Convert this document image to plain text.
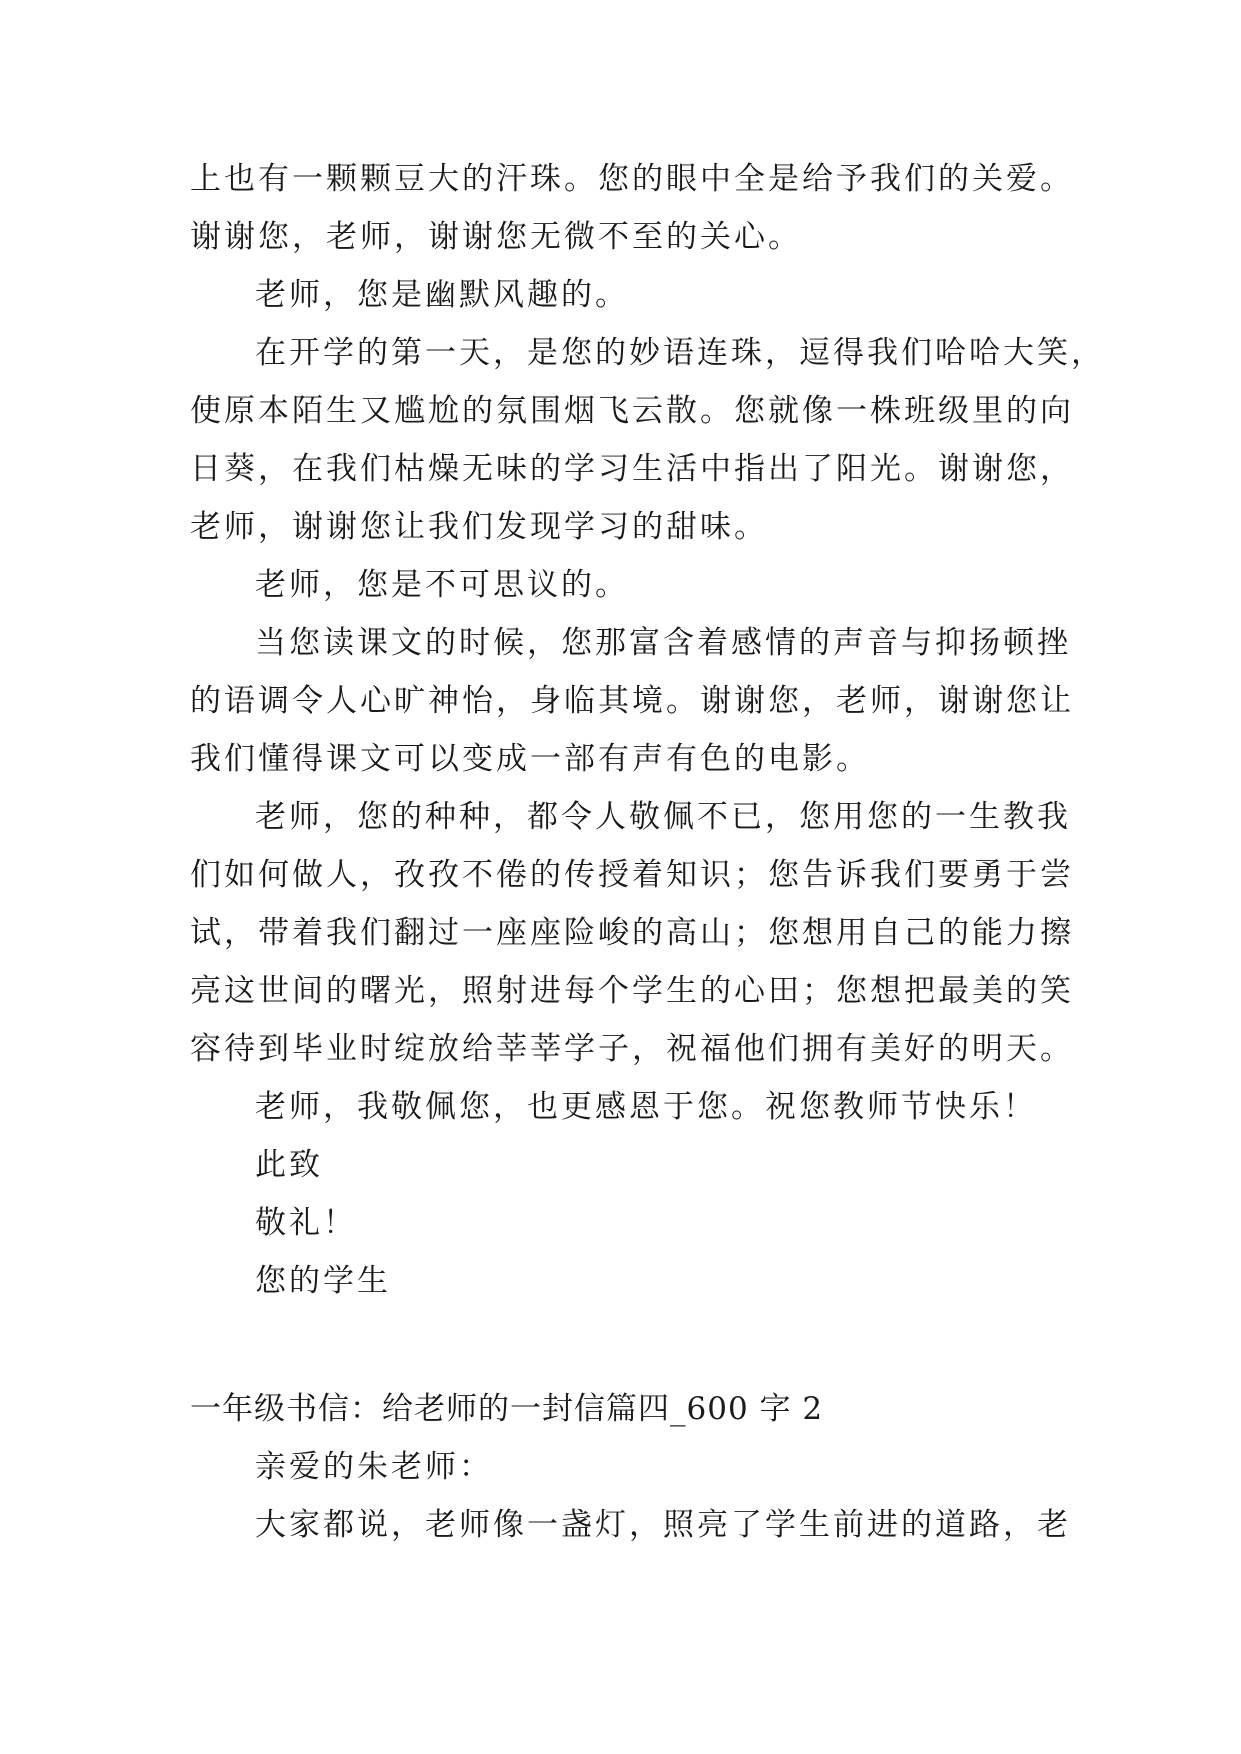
上也有一颗颗豆大的汗珠。您的眼中全是给予我们的关爱。
谢谢您，老师，谢谢您无微不至的关心。
老师，您是幽默风趣的。
在开学的第一天，是您的妙语连珠，逗得我们哈哈大笑，
使原本陌生又尴尬的氛围烟飞云散。您就像一株班级里的向
日葵，在我们枯燥无味的学习生活中指出了阳光。谢谢您，
老师，谢谢您让我们发现学习的甜味。
老师，您是不可思议的。
当您读课文的时候，您那富含着感情的声音与抑扬顿挫
的语调令人心旷神怡，身临其境。谢谢您，老师，谢谢您让
我们懂得课文可以变成一部有声有色的电影。
老师，您的种种，都令人敬佩不已，您用您的一生教我
们如何做人，孜孜不倦的传授着知识；您告诉我们要勇于尝
试，带着我们翻过一座座险峻的高山；您想用自己的能力擦
亮这世间的曙光，照射进每个学生的心田；您想把最美的笑
容待到毕业时绽放给莘莘学子，祝福他们拥有美好的明天。
老师，我敬佩您，也更感恩于您。祝您教师节快乐！
此致
敬礼！
您的学生
一年级书信：给老师的一封信篇四_600 字 2
亲爱的朱老师：
大家都说，老师像一盏灯，照亮了学生前进的道路，老
